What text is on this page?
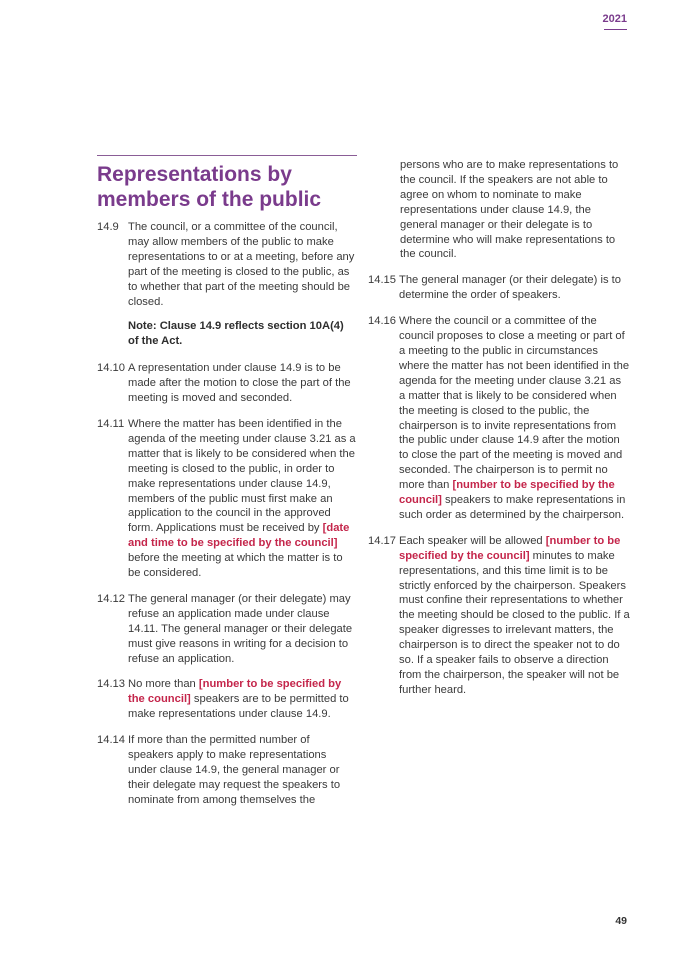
2021
Representations by members of the public
14.9 The council, or a committee of the council, may allow members of the public to make representations to or at a meeting, before any part of the meeting is closed to the public, as to whether that part of the meeting should be closed.
Note: Clause 14.9 reflects section 10A(4) of the Act.
14.10 A representation under clause 14.9 is to be made after the motion to close the part of the meeting is moved and seconded.
14.11 Where the matter has been identified in the agenda of the meeting under clause 3.21 as a matter that is likely to be considered when the meeting is closed to the public, in order to make representations under clause 14.9, members of the public must first make an application to the council in the approved form. Applications must be received by [date and time to be specified by the council] before the meeting at which the matter is to be considered.
14.12 The general manager (or their delegate) may refuse an application made under clause 14.11. The general manager or their delegate must give reasons in writing for a decision to refuse an application.
14.13 No more than [number to be specified by the council] speakers are to be permitted to make representations under clause 14.9.
14.14 If more than the permitted number of speakers apply to make representations under clause 14.9, the general manager or their delegate may request the speakers to nominate from among themselves the
persons who are to make representations to the council. If the speakers are not able to agree on whom to nominate to make representations under clause 14.9, the general manager or their delegate is to determine who will make representations to the council.
14.15 The general manager (or their delegate) is to determine the order of speakers.
14.16 Where the council or a committee of the council proposes to close a meeting or part of a meeting to the public in circumstances where the matter has not been identified in the agenda for the meeting under clause 3.21 as a matter that is likely to be considered when the meeting is closed to the public, the chairperson is to invite representations from the public under clause 14.9 after the motion to close the part of the meeting is moved and seconded. The chairperson is to permit no more than [number to be specified by the council] speakers to make representations in such order as determined by the chairperson.
14.17 Each speaker will be allowed [number to be specified by the council] minutes to make representations, and this time limit is to be strictly enforced by the chairperson. Speakers must confine their representations to whether the meeting should be closed to the public. If a speaker digresses to irrelevant matters, the chairperson is to direct the speaker not to do so. If a speaker fails to observe a direction from the chairperson, the speaker will not be further heard.
49
